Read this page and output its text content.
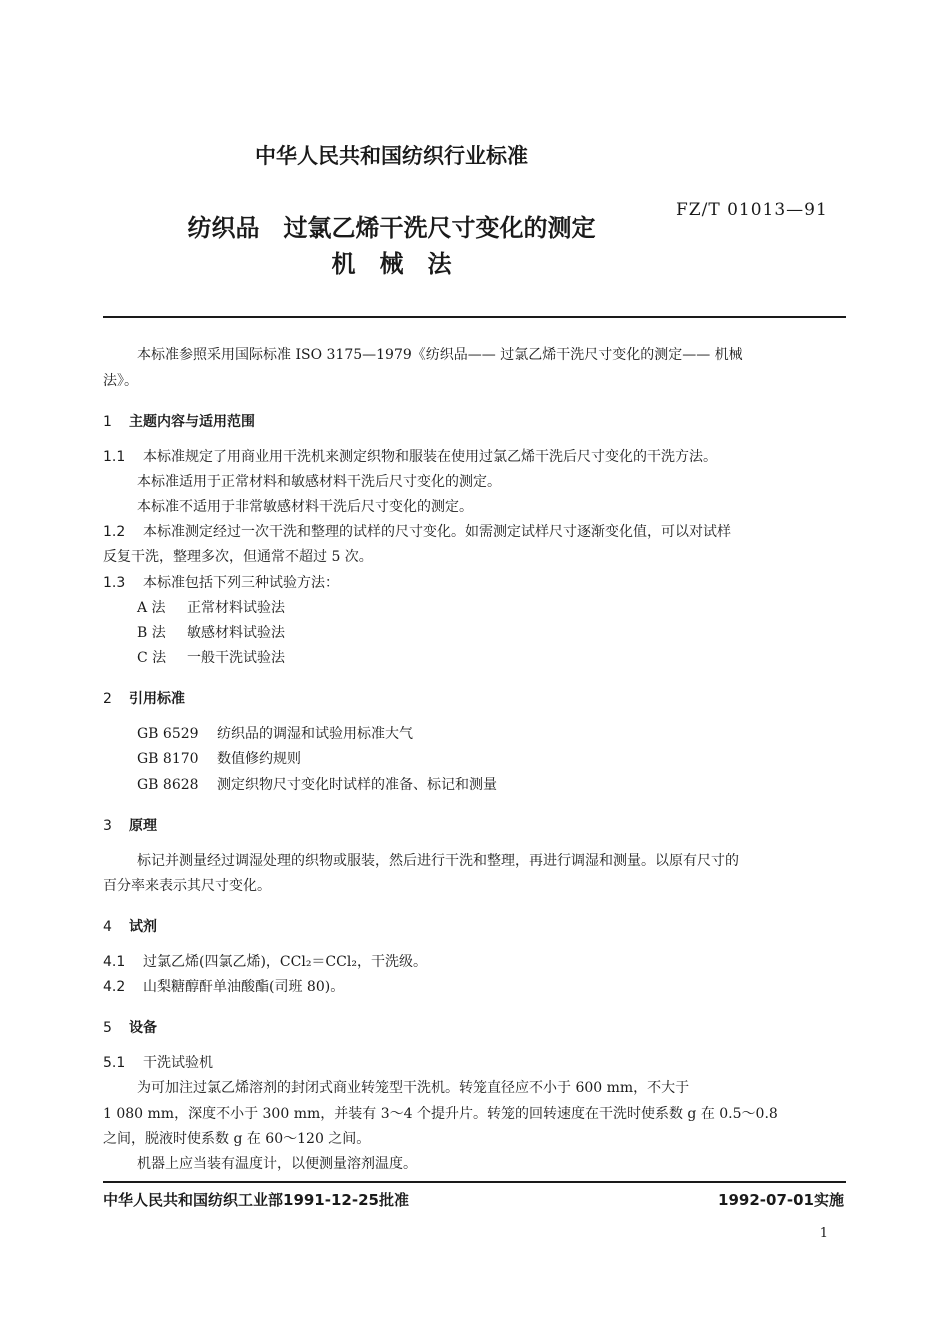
中华人民共和国纺织行业标准
FZ/T 01013—91
纺织品　过氯乙烯干洗尺寸变化的测定
机　械　法
本标准参照采用国际标准 ISO 3175—1979《纺织品—— 过氯乙烯干洗尺寸变化的测定—— 机械
法》。
1 主题内容与适用范围
1.1 本标准规定了用商业用干洗机来测定织物和服装在使用过氯乙烯干洗后尺寸变化的干洗方法。
本标准适用于正常材料和敏感材料干洗后尺寸变化的测定。
本标准不适用于非常敏感材料干洗后尺寸变化的测定。
1.2 本标准测定经过一次干洗和整理的试样的尺寸变化。如需测定试样尺寸逐渐变化值，可以对试样
反复干洗，整理多次，但通常不超过 5 次。
1.3 本标准包括下列三种试验方法：
A 法 正常材料试验法
B 法 敏感材料试验法
C 法 一般干洗试验法
2 引用标准
GB 6529 纺织品的调湿和试验用标准大气
GB 8170 数值修约规则
GB 8628 测定织物尺寸变化时试样的准备、标记和测量
3 原理
标记并测量经过调湿处理的织物或服装，然后进行干洗和整理，再进行调湿和测量。以原有尺寸的
百分率来表示其尺寸变化。
4 试剂
4.1 过氯乙烯(四氯乙烯)，CCl₂＝CCl₂，干洗级。
4.2 山梨糖醇酐单油酸酯(司班 80)。
5 设备
5.1 干洗试验机
为可加注过氯乙烯溶剂的封闭式商业转笼型干洗机。转笼直径应不小于 600 mm，不大于
1 080 mm，深度不小于 300 mm，并装有 3～4 个提升片。转笼的回转速度在干洗时使系数 g 在 0.5～0.8
之间，脱液时使系数 g 在 60～120 之间。
机器上应当装有温度计，以便测量溶剂温度。
中华人民共和国纺织工业部1991-12-25批准	1992-07-01实施
1
